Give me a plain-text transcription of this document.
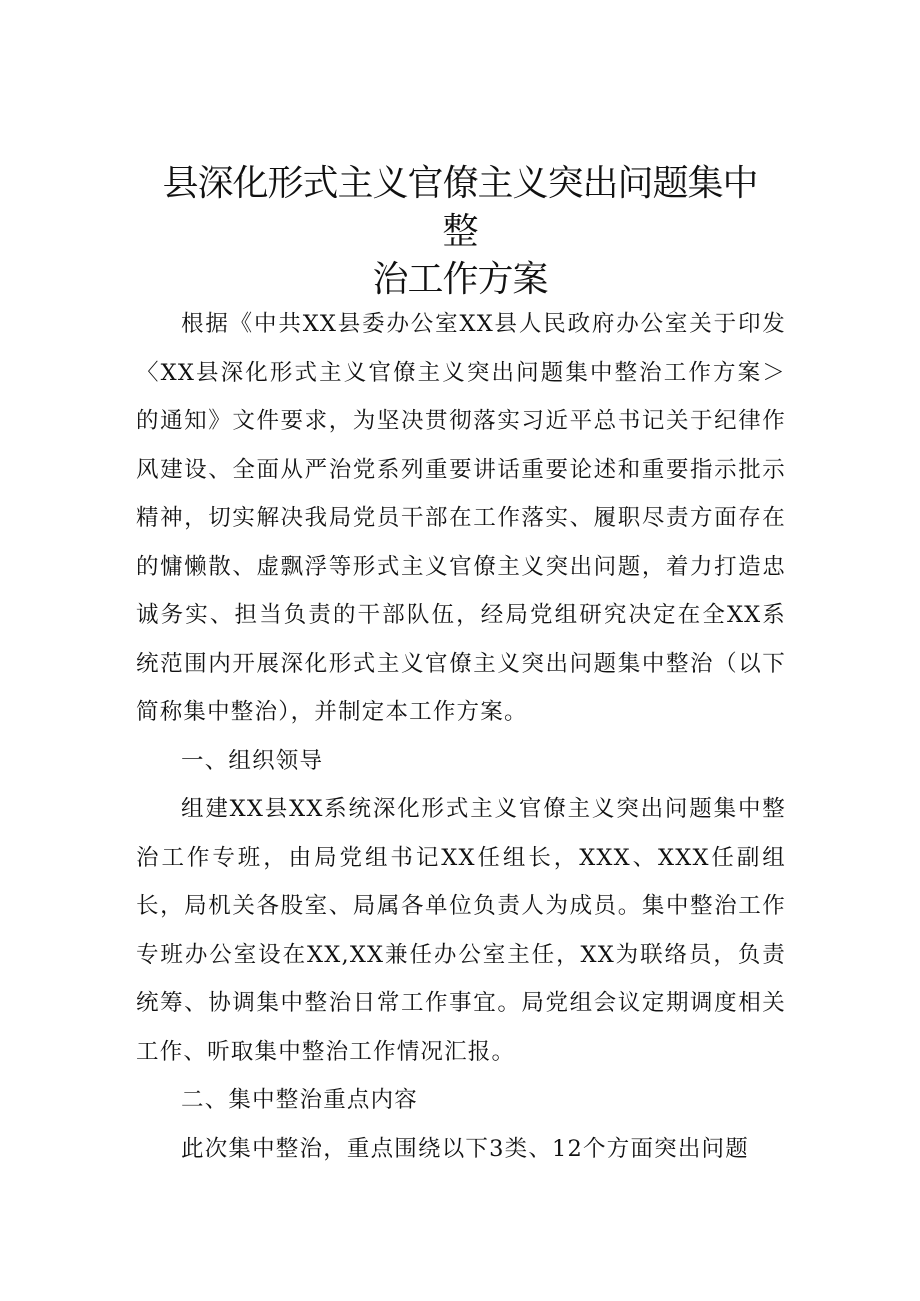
县深化形式主义官僚主义突出问题集中整
治工作方案

根据《中共XX县委办公室XX县人民政府办公室关于印发〈XX县深化形式主义官僚主义突出问题集中整治工作方案＞的通知》文件要求，为坚决贯彻落实习近平总书记关于纪律作风建设、全面从严治党系列重要讲话重要论述和重要指示批示精神，切实解决我局党员干部在工作落实、履职尽责方面存在的慵懒散、虚飘浮等形式主义官僚主义突出问题，着力打造忠诚务实、担当负责的干部队伍，经局党组研究决定在全XX系统范围内开展深化形式主义官僚主义突出问题集中整治（以下简称集中整治），并制定本工作方案。

一、组织领导

组建XX县XX系统深化形式主义官僚主义突出问题集中整治工作专班，由局党组书记XX任组长，XXX、XXX任副组长，局机关各股室、局属各单位负责人为成员。集中整治工作专班办公室设在XX,XX兼任办公室主任，XX为联络员，负责统筹、协调集中整治日常工作事宜。局党组会议定期调度相关工作、听取集中整治工作情况汇报。

二、集中整治重点内容

此次集中整治，重点围绕以下3类、12个方面突出问题
